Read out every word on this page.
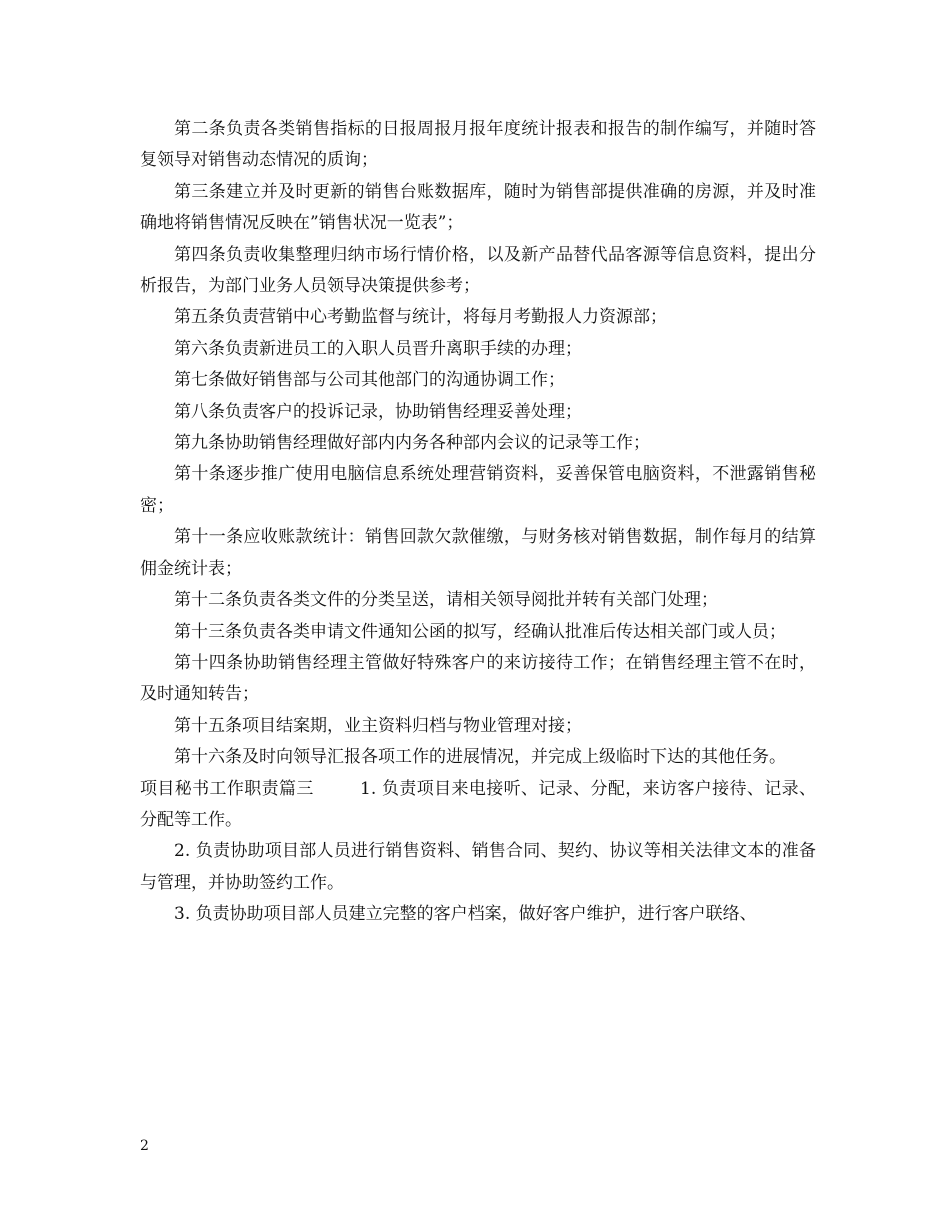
第二条负责各类销售指标的日报周报月报年度统计报表和报告的制作编写，并随时答复领导对销售动态情况的质询；

第三条建立并及时更新的销售台账数据库，随时为销售部提供准确的房源，并及时准确地将销售情况反映在”销售状况一览表”；

第四条负责收集整理归纳市场行情价格，以及新产品替代品客源等信息资料，提出分析报告，为部门业务人员领导决策提供参考；

第五条负责营销中心考勤监督与统计，将每月考勤报人力资源部；

第六条负责新进员工的入职人员晋升离职手续的办理；

第七条做好销售部与公司其他部门的沟通协调工作；

第八条负责客户的投诉记录，协助销售经理妥善处理；

第九条协助销售经理做好部内内务各种部内会议的记录等工作；

第十条逐步推广使用电脑信息系统处理营销资料，妥善保管电脑资料，不泄露销售秘密；

第十一条应收账款统计：销售回款欠款催缴，与财务核对销售数据，制作每月的结算佣金统计表；

第十二条负责各类文件的分类呈送，请相关领导阅批并转有关部门处理；

第十三条负责各类申请文件通知公函的拟写，经确认批准后传达相关部门或人员；

第十四条协助销售经理主管做好特殊客户的来访接待工作；在销售经理主管不在时，及时通知转告；

第十五条项目结案期，业主资料归档与物业管理对接；

第十六条及时向领导汇报各项工作的进展情况，并完成上级临时下达的其他任务。

项目秘书工作职责篇三	1. 负责项目来电接听、记录、分配，来访客户接待、记录、分配等工作。

2. 负责协助项目部人员进行销售资料、销售合同、契约、协议等相关法律文本的准备与管理，并协助签约工作。

3. 负责协助项目部人员建立完整的客户档案，做好客户维护，进行客户联络、

2
